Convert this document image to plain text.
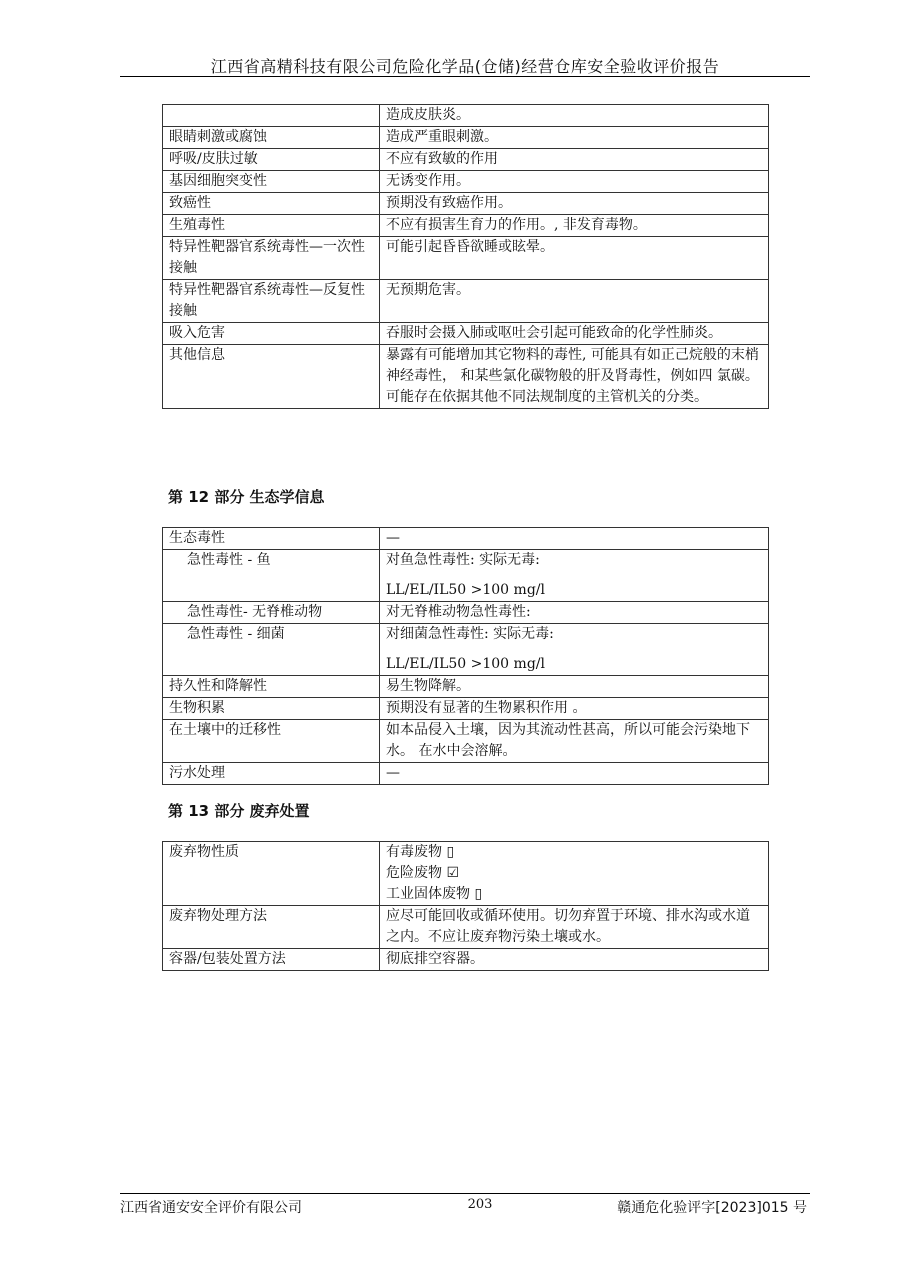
江西省高精科技有限公司危险化学品(仓储)经营仓库安全验收评价报告
	造成皮肤炎。
眼睛刺激或腐蚀	造成严重眼刺激。
呼吸/皮肤过敏	不应有致敏的作用
基因细胞突变性	无诱变作用。
致癌性	预期没有致癌作用。
生殖毒性	不应有损害生育力的作用。, 非发育毒物。
特异性靶器官系统毒性—一次性接触	可能引起昏昏欲睡或眩晕。
特异性靶器官系统毒性—反复性接触	无预期危害。
吸入危害	吞服时会摄入肺或呕吐会引起可能致命的化学性肺炎。
其他信息	暴露有可能增加其它物料的毒性, 可能具有如正己烷般的末梢神经毒性， 和某些氯化碳物般的肝及肾毒性，例如四 氯碳。 可能存在依据其他不同法规制度的主管机关的分类。
第 12 部分 生态学信息
生态毒性	—
急性毒性 - 鱼	对鱼急性毒性: 实际无毒:
LL/EL/IL50 >100 mg/l
急性毒性- 无脊椎动物	对无脊椎动物急性毒性:
急性毒性 - 细菌	对细菌急性毒性: 实际无毒:
LL/EL/IL50 >100 mg/l
持久性和降解性	易生物降解。
生物积累	预期没有显著的生物累积作用 。
在土壤中的迁移性	如本品侵入土壤，因为其流动性甚高，所以可能会污染地下水。 在水中会溶解。
污水处理	—
第 13 部分 废弃处置
废弃物性质	有毒废物 ▯
危险废物 ☑
工业固体废物 ▯

废弃物处理方法	应尽可能回收或循环使用。切勿弃置于环境、排水沟或水道之内。不应让废弃物污染土壤或水。
容器/包装处置方法	彻底排空容器。
江西省通安安全评价有限公司	203	赣通危化验评字[2023]015 号
